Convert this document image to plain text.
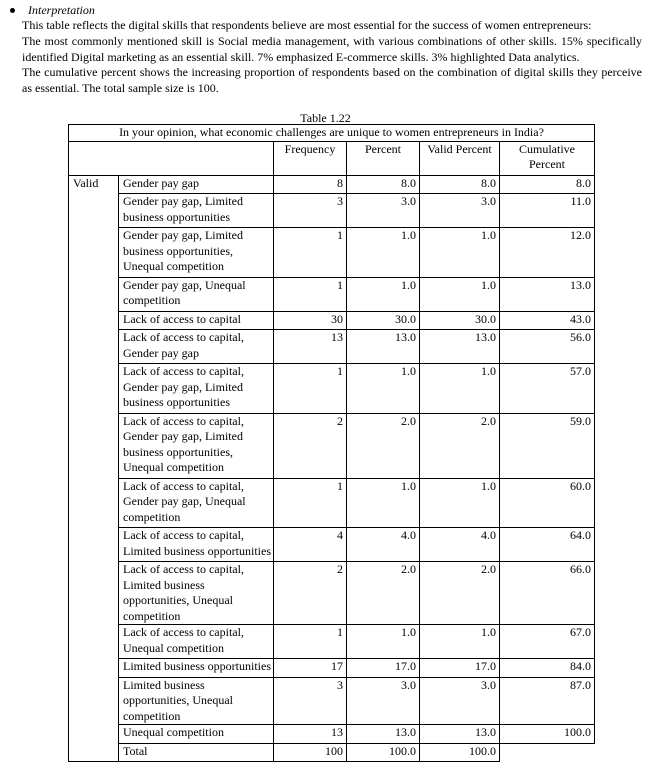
Interpretation
This table reflects the digital skills that respondents believe are most essential for the success of women entrepreneurs:
The most commonly mentioned skill is Social media management, with various combinations of other skills. 15% specifically identified Digital marketing as an essential skill. 7% emphasized E-commerce skills. 3% highlighted Data analytics.
The cumulative percent shows the increasing proportion of respondents based on the combination of digital skills they perceive as essential. The total sample size is 100.
Table 1.22
In your opinion, what economic challenges are unique to women entrepreneurs in India?					
		Frequency	Percent	Valid Percent	Cumulative Percent
Valid	Gender pay gap	8	8.0	8.0	8.0
	Gender pay gap, Limited business opportunities	3	3.0	3.0	11.0
	Gender pay gap, Limited business opportunities, Unequal competition	1	1.0	1.0	12.0
	Gender pay gap, Unequal competition	1	1.0	1.0	13.0
	Lack of access to capital	30	30.0	30.0	43.0
	Lack of access to capital, Gender pay gap	13	13.0	13.0	56.0
	Lack of access to capital, Gender pay gap, Limited business opportunities	1	1.0	1.0	57.0
	Lack of access to capital, Gender pay gap, Limited business opportunities, Unequal competition	2	2.0	2.0	59.0
	Lack of access to capital, Gender pay gap, Unequal competition	1	1.0	1.0	60.0
	Lack of access to capital, Limited business opportunities	4	4.0	4.0	64.0
	Lack of access to capital, Limited business opportunities, Unequal competition	2	2.0	2.0	66.0
	Lack of access to capital, Unequal competition	1	1.0	1.0	67.0
	Limited business opportunities	17	17.0	17.0	84.0
	Limited business opportunities, Unequal competition	3	3.0	3.0	87.0
	Unequal competition	13	13.0	13.0	100.0
	Total	100	100.0	100.0	
